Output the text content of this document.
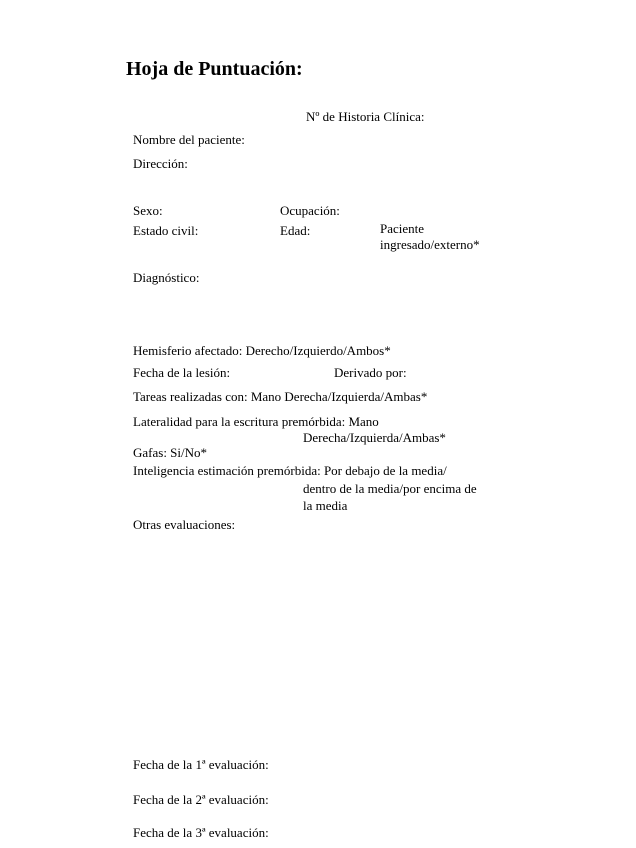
Hoja de Puntuación:
Nº de Historia Clínica:
Nombre del paciente:
Dirección:
Sexo:	Ocupación:
Estado civil:	Edad:	Paciente
ingresado/externo*
Diagnóstico:
Hemisferio afectado: Derecho/Izquierdo/Ambos*
Fecha de la lesión:	Derivado por:
Tareas realizadas con: Mano Derecha/Izquierda/Ambas*
Lateralidad para la escritura premórbida: Mano
Derecha/Izquierda/Ambas*
Gafas: Si/No*
Inteligencia estimación premórbida: Por debajo de la media/
dentro de la media/por encima de
la media
Otras evaluaciones:
Fecha de la 1ª evaluación:
Fecha de la 2ª evaluación:
Fecha de la 3ª evaluación:
